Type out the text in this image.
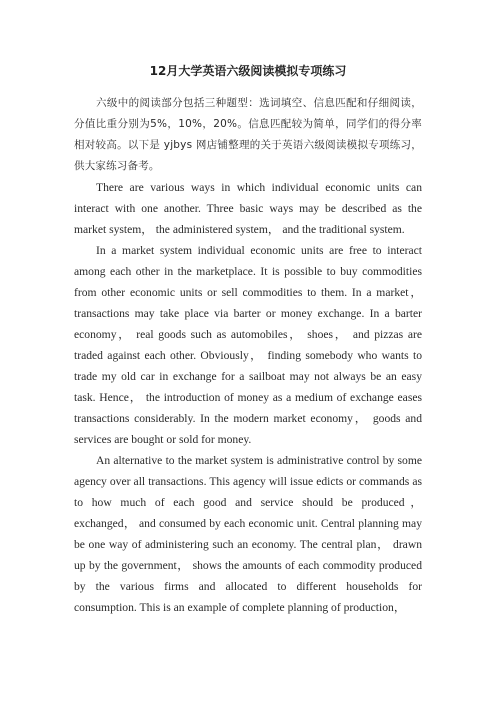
12月大学英语六级阅读模拟专项练习

六级中的阅读部分包括三种题型：选词填空、信息匹配和仔细阅读，分值比重分别为5%，10%，20%。信息匹配较为简单，同学们的得分率相对较高。以下是 yjbys 网店铺整理的关于英语六级阅读模拟专项练习，供大家练习备考。

There are various ways in which individual economic units can interact with one another. Three basic ways may be described as the market system， the administered system， and the traditional system.

In a market system individual economic units are free to interact among each other in the marketplace. It is possible to buy commodities from other economic units or sell commodities to them. In a market， transactions may take place via barter or money exchange. In a barter economy， real goods such as automobiles， shoes， and pizzas are traded against each other. Obviously， finding somebody who wants to trade my old car in exchange for a sailboat may not always be an easy task. Hence， the introduction of money as a medium of exchange eases transactions considerably. In the modern market economy， goods and services are bought or sold for money.

An alternative to the market system is administrative control by some agency over all transactions. This agency will issue edicts or commands as to how much of each good and service should be produced， exchanged， and consumed by each economic unit. Central planning may be one way of administering such an economy. The central plan， drawn up by the government， shows the amounts of each commodity produced by the various firms and allocated to different households for consumption. This is an example of complete planning of production，
